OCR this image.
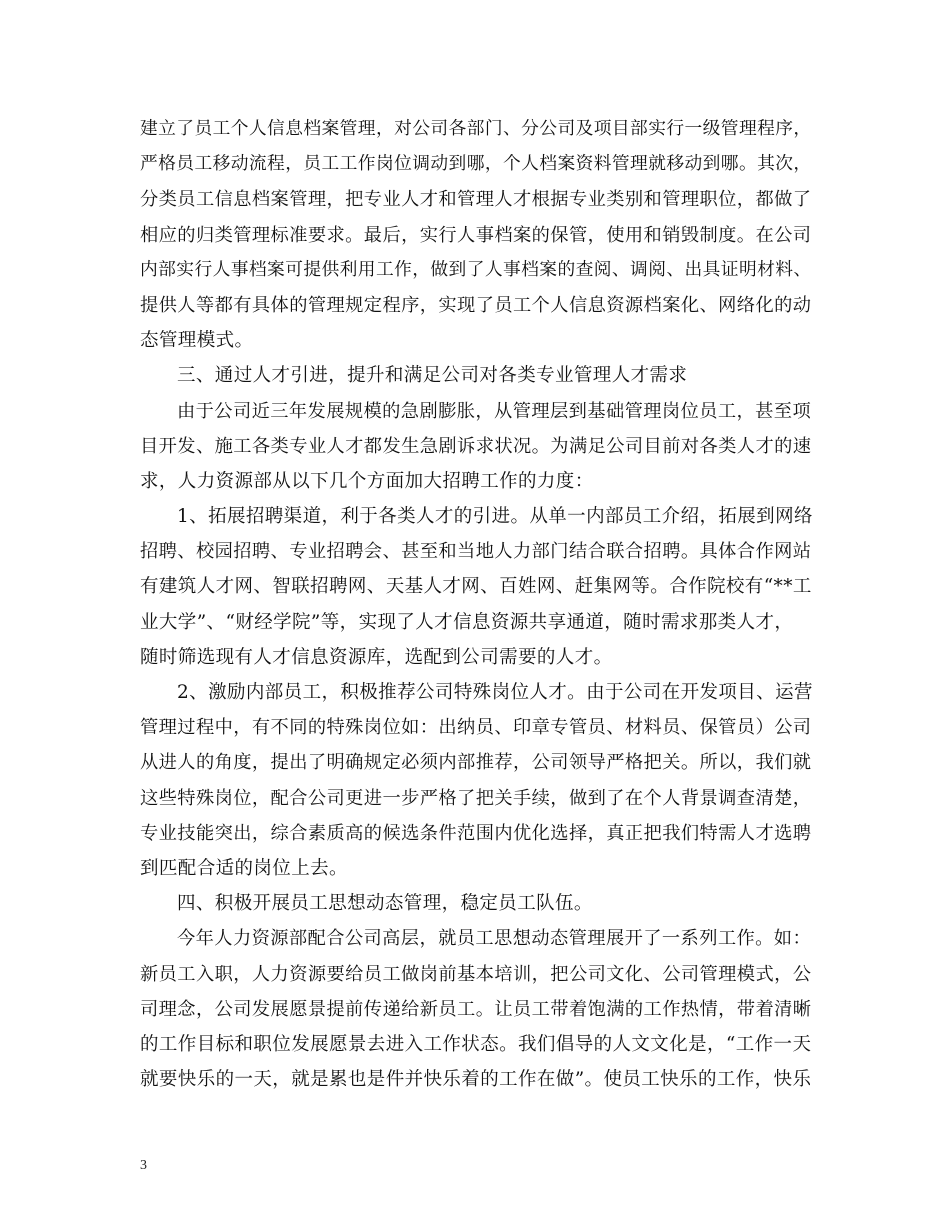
建立了员工个人信息档案管理，对公司各部门、分公司及项目部实行一级管理程序，
严格员工移动流程，员工工作岗位调动到哪，个人档案资料管理就移动到哪。其次，
分类员工信息档案管理，把专业人才和管理人才根据专业类别和管理职位，都做了
相应的归类管理标准要求。最后，实行人事档案的保管，使用和销毁制度。在公司
内部实行人事档案可提供利用工作，做到了人事档案的查阅、调阅、出具证明材料、
提供人等都有具体的管理规定程序，实现了员工个人信息资源档案化、网络化的动
态管理模式。
三、通过人才引进，提升和满足公司对各类专业管理人才需求
由于公司近三年发展规模的急剧膨胀，从管理层到基础管理岗位员工，甚至项
目开发、施工各类专业人才都发生急剧诉求状况。为满足公司目前对各类人才的速
求，人力资源部从以下几个方面加大招聘工作的力度：
1、拓展招聘渠道，利于各类人才的引进。从单一内部员工介绍，拓展到网络
招聘、校园招聘、专业招聘会、甚至和当地人力部门结合联合招聘。具体合作网站
有建筑人才网、智联招聘网、天基人才网、百姓网、赶集网等。合作院校有“**工
业大学”、“财经学院”等，实现了人才信息资源共享通道，随时需求那类人才，
随时筛选现有人才信息资源库，选配到公司需要的人才。
2、激励内部员工，积极推荐公司特殊岗位人才。由于公司在开发项目、运营
管理过程中，有不同的特殊岗位如：出纳员、印章专管员、材料员、保管员）公司
从进人的角度，提出了明确规定必须内部推荐，公司领导严格把关。所以，我们就
这些特殊岗位，配合公司更进一步严格了把关手续，做到了在个人背景调查清楚，
专业技能突出，综合素质高的候选条件范围内优化选择，真正把我们特需人才选聘
到匹配合适的岗位上去。
四、积极开展员工思想动态管理，稳定员工队伍。
今年人力资源部配合公司高层，就员工思想动态管理展开了一系列工作。如：
新员工入职，人力资源要给员工做岗前基本培训，把公司文化、公司管理模式，公
司理念，公司发展愿景提前传递给新员工。让员工带着饱满的工作热情，带着清晰
的工作目标和职位发展愿景去进入工作状态。我们倡导的人文文化是，“工作一天
就要快乐的一天，就是累也是件并快乐着的工作在做”。使员工快乐的工作，快乐
3
